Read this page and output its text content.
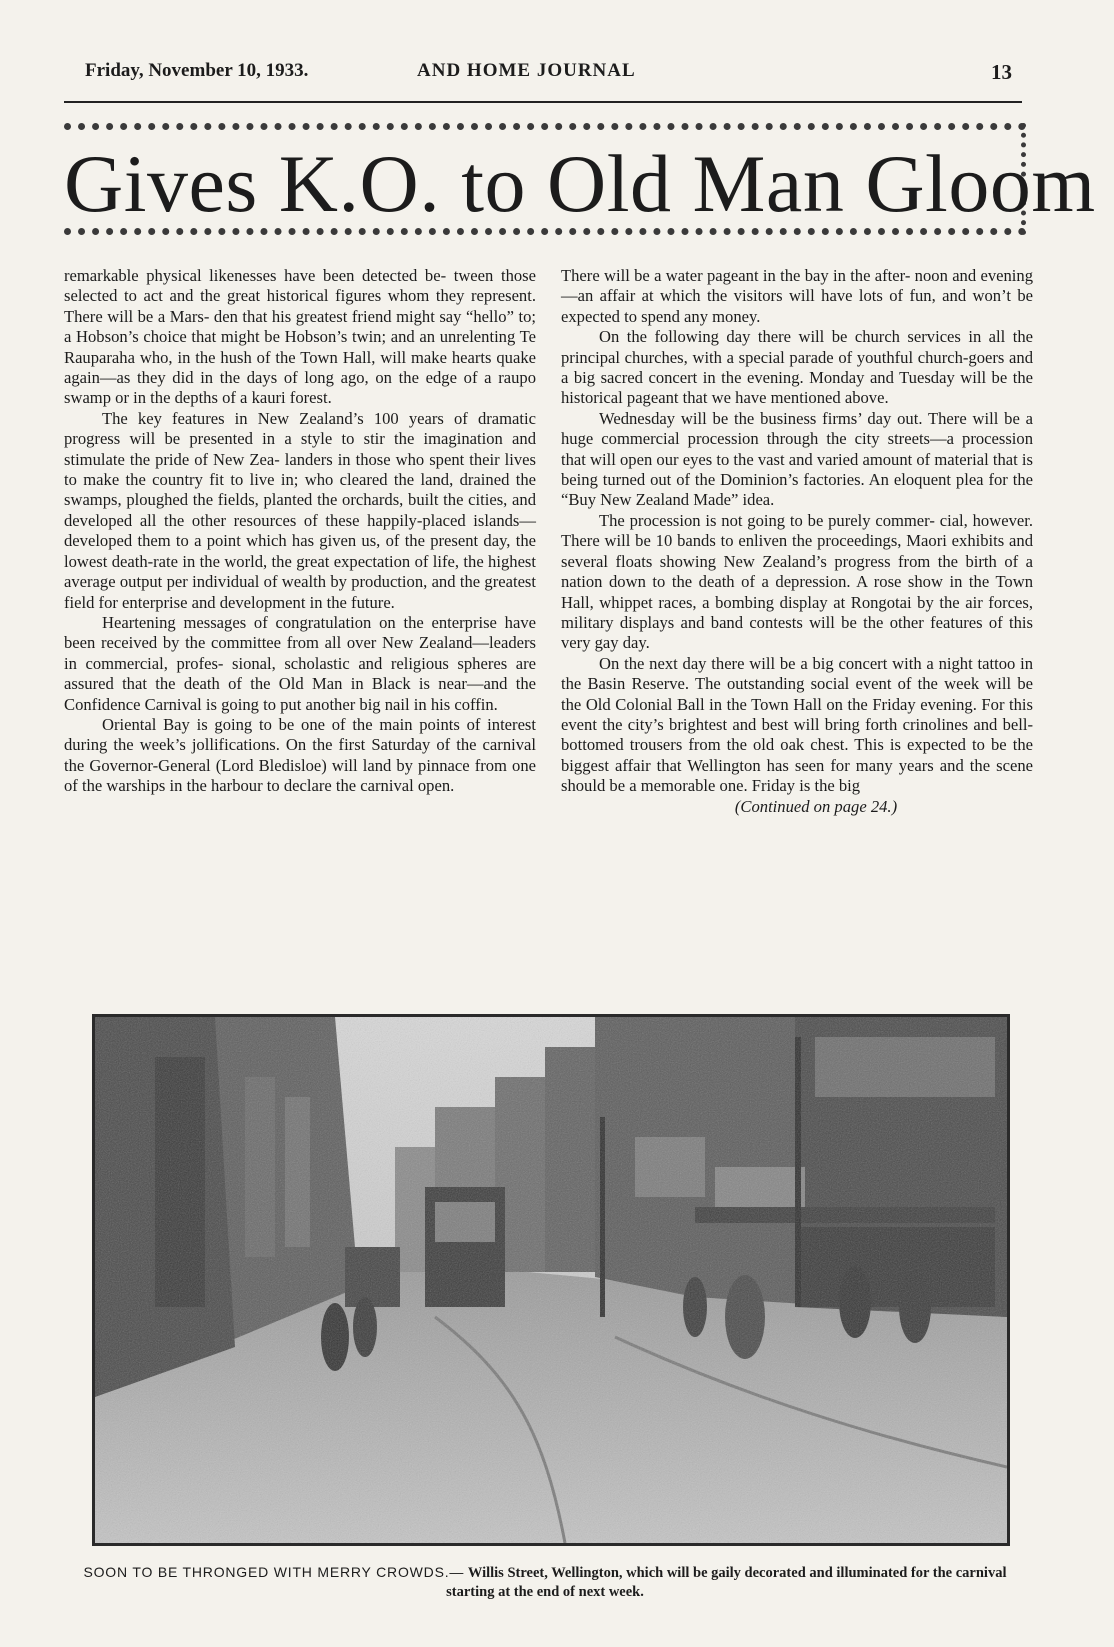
Friday, November 10, 1933.	AND HOME JOURNAL	13
Gives K.O. to Old Man Gloom

remarkable physical likenesses have been detected be- tween those selected to act and the great historical figures whom they represent. There will be a Mars- den that his greatest friend might say “hello” to; a Hobson’s choice that might be Hobson’s twin; and an unrelenting Te Rauparaha who, in the hush of the Town Hall, will make hearts quake again—as they did in the days of long ago, on the edge of a raupo swamp or in the depths of a kauri forest.

The key features in New Zealand’s 100 years of dramatic progress will be presented in a style to stir the imagination and stimulate the pride of New Zea- landers in those who spent their lives to make the country fit to live in; who cleared the land, drained the swamps, ploughed the fields, planted the orchards, built the cities, and developed all the other resources of these happily-placed islands—developed them to a point which has given us, of the present day, the lowest death-rate in the world, the great expectation of life, the highest average output per individual of wealth by production, and the greatest field for enterprise and development in the future.

Heartening messages of congratulation on the enterprise have been received by the committee from all over New Zealand—leaders in commercial, profes- sional, scholastic and religious spheres are assured that the death of the Old Man in Black is near—and the Confidence Carnival is going to put another big nail in his coffin.

Oriental Bay is going to be one of the main points of interest during the week’s jollifications. On the first Saturday of the carnival the Governor-General (Lord Bledisloe) will land by pinnace from one of the warships in the harbour to declare the carnival open.

There will be a water pageant in the bay in the after- noon and evening—an affair at which the visitors will have lots of fun, and won’t be expected to spend any money.

On the following day there will be church services in all the principal churches, with a special parade of youthful church-goers and a big sacred concert in the evening. Monday and Tuesday will be the historical pageant that we have mentioned above.

Wednesday will be the business firms’ day out. There will be a huge commercial procession through the city streets—a procession that will open our eyes to the vast and varied amount of material that is being turned out of the Dominion’s factories. An eloquent plea for the “Buy New Zealand Made” idea.

The procession is not going to be purely commer- cial, however. There will be 10 bands to enliven the proceedings, Maori exhibits and several floats showing New Zealand’s progress from the birth of a nation down to the death of a depression. A rose show in the Town Hall, whippet races, a bombing display at Rongotai by the air forces, military displays and band contests will be the other features of this very gay day.

On the next day there will be a big concert with a night tattoo in the Basin Reserve. The outstanding social event of the week will be the Old Colonial Ball in the Town Hall on the Friday evening. For this event the city’s brightest and best will bring forth crinolines and bell-bottomed trousers from the old oak chest. This is expected to be the biggest affair that Wellington has seen for many years and the scene should be a memorable one. Friday is the big

(Continued on page 24.)

SOON TO BE THRONGED WITH MERRY CROWDS.— Willis Street, Wellington, which will be gaily decorated and illuminated for the carnival starting at the end of next week.
